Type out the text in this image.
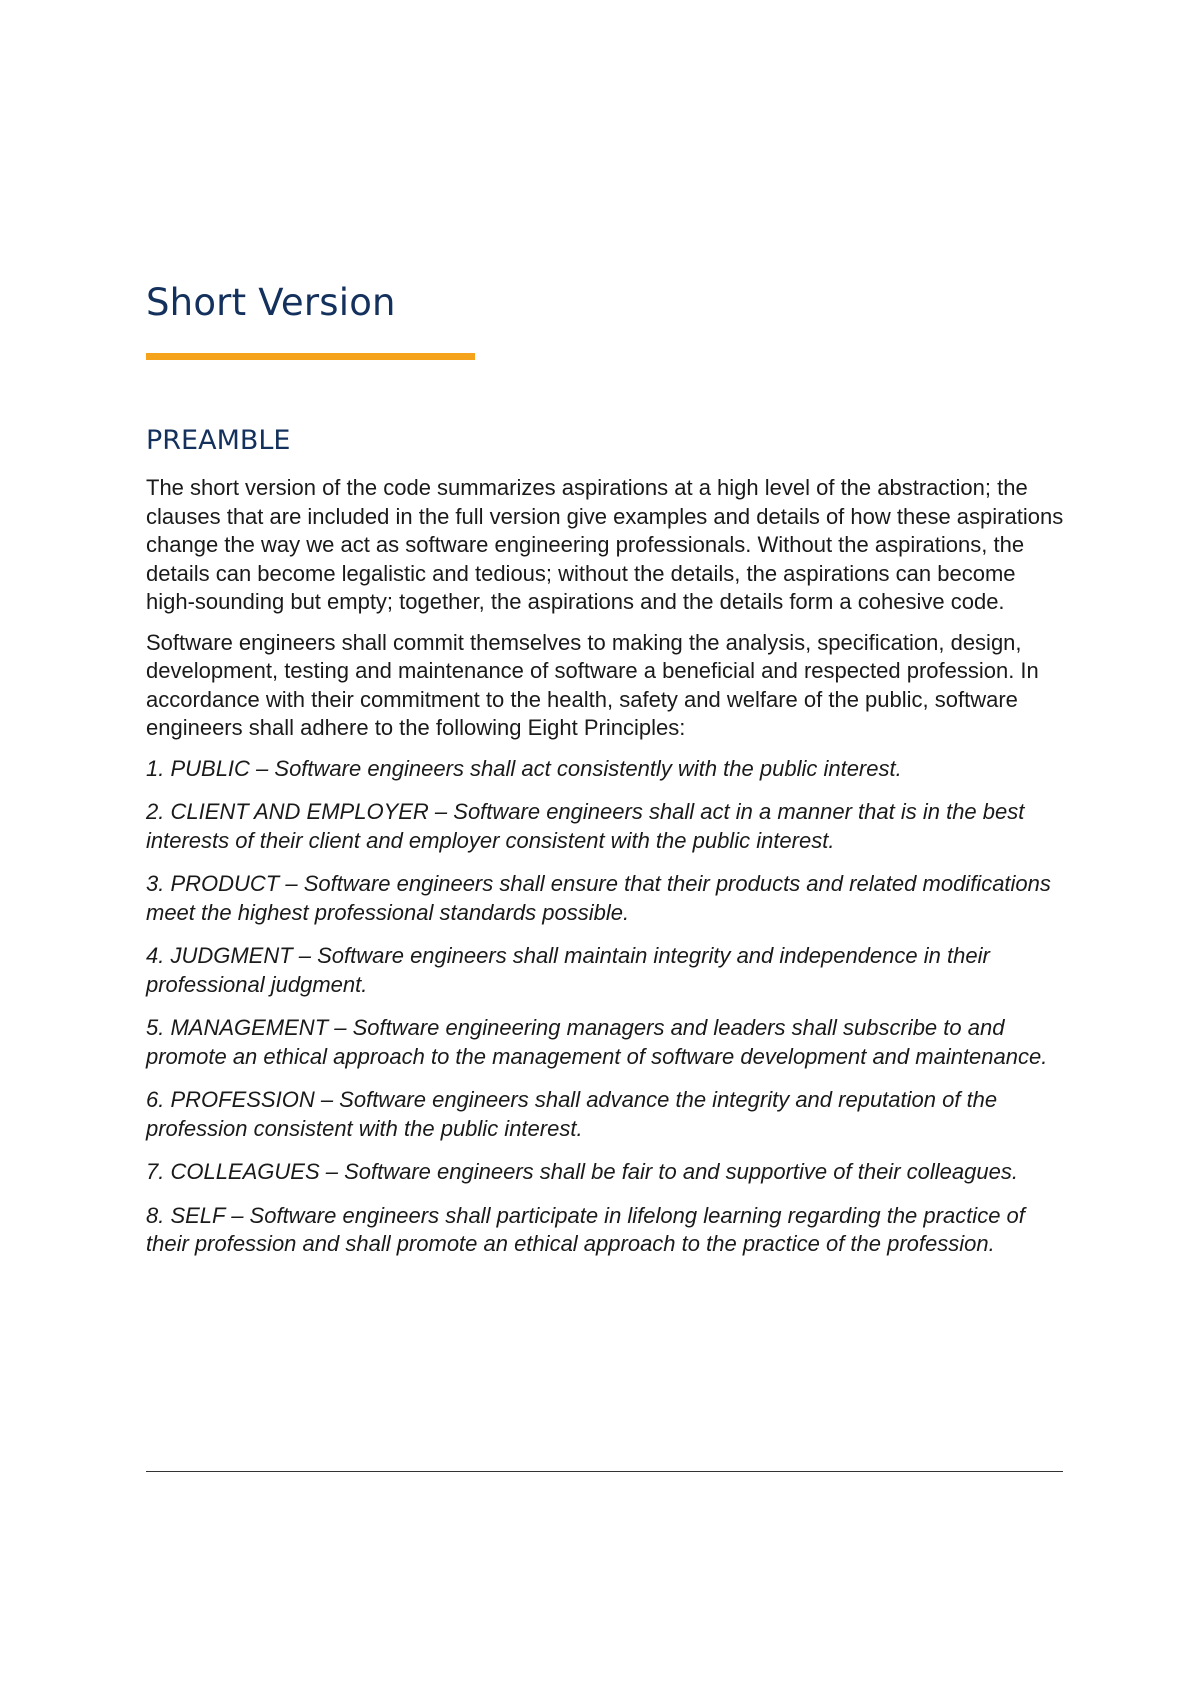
Short Version
PREAMBLE

The short version of the code summarizes aspirations at a high level of the abstraction; the clauses that are included in the full version give examples and details of how these aspirations change the way we act as software engineering professionals. Without the aspirations, the details can become legalistic and tedious; without the details, the aspirations can become high-sounding but empty; together, the aspirations and the details form a cohesive code.

Software engineers shall commit themselves to making the analysis, specification, design, development, testing and maintenance of software a beneficial and respected profession. In accordance with their commitment to the health, safety and welfare of the public, software engineers shall adhere to the following Eight Principles:

1. PUBLIC – Software engineers shall act consistently with the public interest.
2. CLIENT AND EMPLOYER – Software engineers shall act in a manner that is in the best interests of their client and employer consistent with the public interest.
3. PRODUCT – Software engineers shall ensure that their products and related modifications meet the highest professional standards possible.
4. JUDGMENT – Software engineers shall maintain integrity and independence in their professional judgment.
5. MANAGEMENT – Software engineering managers and leaders shall subscribe to and promote an ethical approach to the management of software development and maintenance.
6. PROFESSION – Software engineers shall advance the integrity and reputation of the profession consistent with the public interest.
7. COLLEAGUES – Software engineers shall be fair to and supportive of their colleagues.
8. SELF – Software engineers shall participate in lifelong learning regarding the practice of their profession and shall promote an ethical approach to the practice of the profession.
